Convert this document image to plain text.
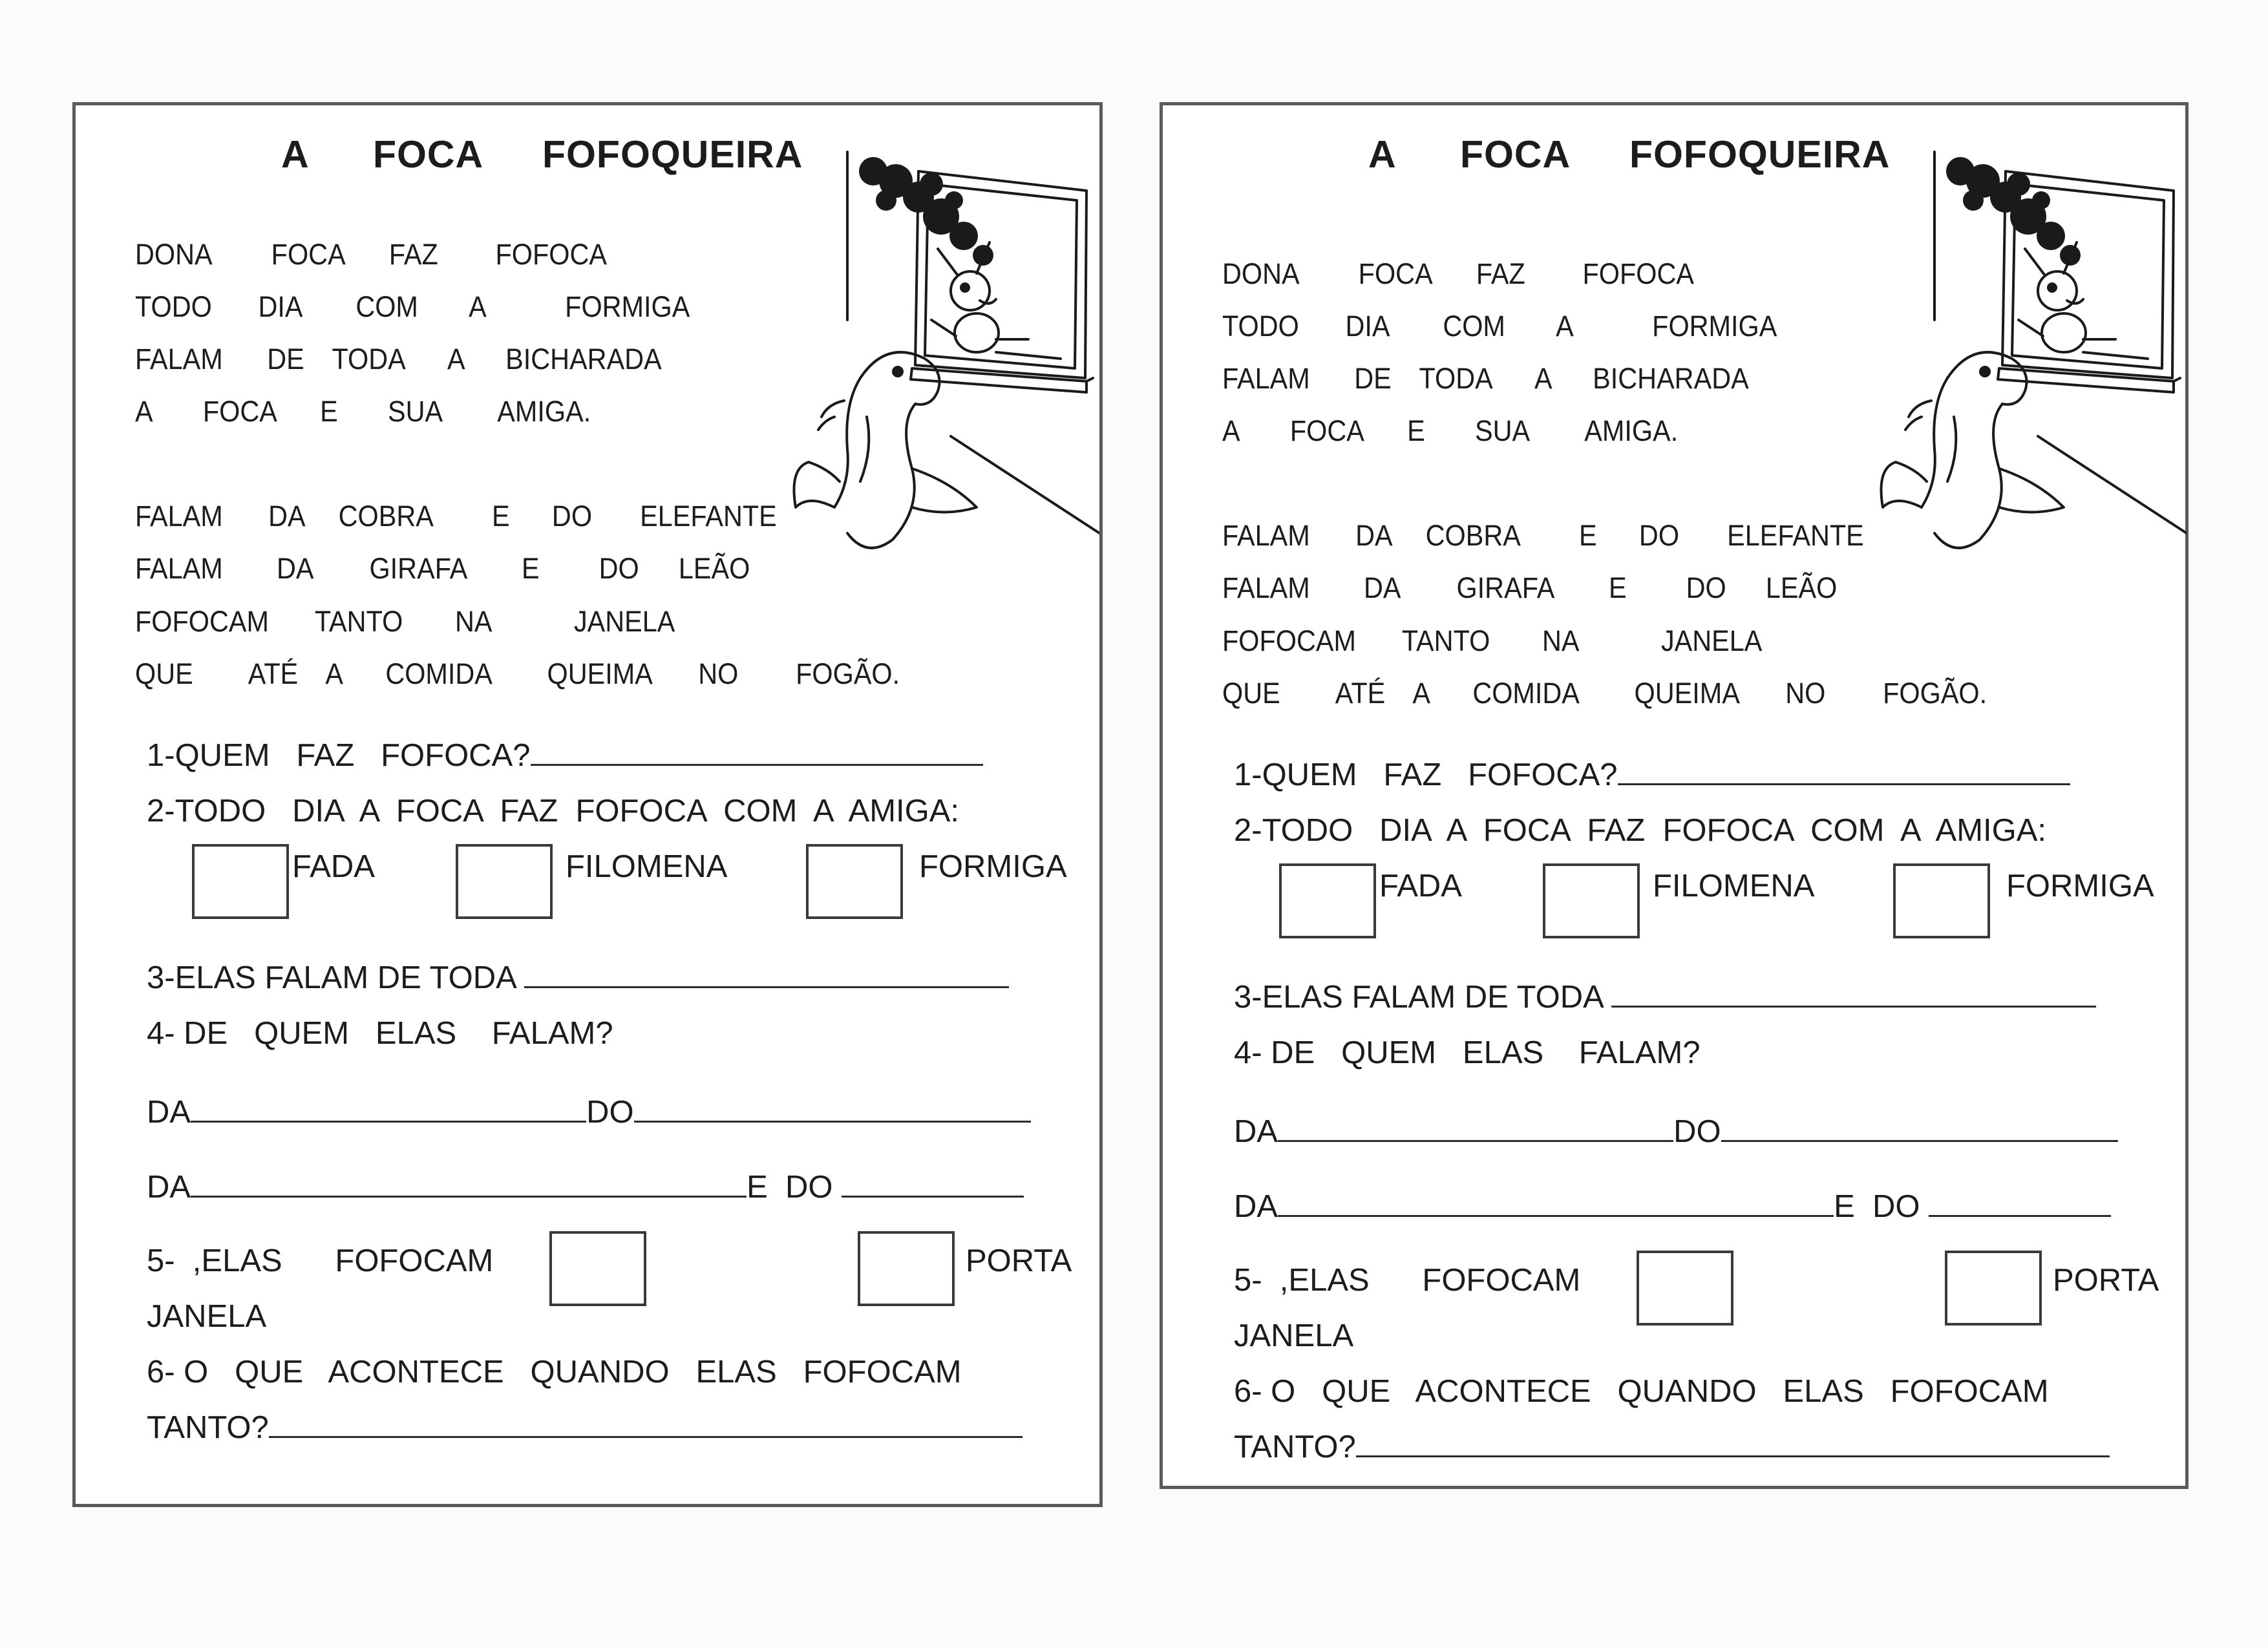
A FOCA FOFOQUEIRA
DONA FOCA FAZ FOFOCA
TODO DIA COM A	FORMIGA
FALAM DE TODA A BICHARADA
A FOCA E SUA AMIGA.
FALAM DA COBRA E DO ELEFANTE
FALAM DA GIRAFA E DO LEÃO
FOFOCAM TANTO NA	JANELA
QUE ATÉ A COMIDA QUEIMA NO FOGÃO.
1-QUEM   FAZ   FOFOCA?
2-TODO   DIA  A  FOCA  FAZ  FOFOCA  COM  A  AMIGA:
FADA	FILOMENA	FORMIGA
3-ELAS FALAM DE TODA
4- DE   QUEM   ELAS    FALAM?
DA	DO
DA	E  DO
5-  ,ELAS      FOFOCAM	PORTA
JANELA
6- O   QUE   ACONTECE   QUANDO   ELAS   FOFOCAM
TANTO?
A FOCA FOFOQUEIRA
DONA FOCA FAZ FOFOCA
TODO DIA COM A	FORMIGA
FALAM DE TODA A BICHARADA
A FOCA E SUA AMIGA.
FALAM DA COBRA E DO ELEFANTE
FALAM DA GIRAFA E DO LEÃO
FOFOCAM TANTO NA	JANELA
QUE ATÉ A COMIDA QUEIMA NO FOGÃO.
1-QUEM   FAZ   FOFOCA?
2-TODO   DIA  A  FOCA  FAZ  FOFOCA  COM  A  AMIGA:
FADA	FILOMENA	FORMIGA
3-ELAS FALAM DE TODA
4- DE   QUEM   ELAS    FALAM?
DA	DO
DA	E  DO
5-  ,ELAS      FOFOCAM	PORTA
JANELA
6- O   QUE   ACONTECE   QUANDO   ELAS   FOFOCAM
TANTO?
